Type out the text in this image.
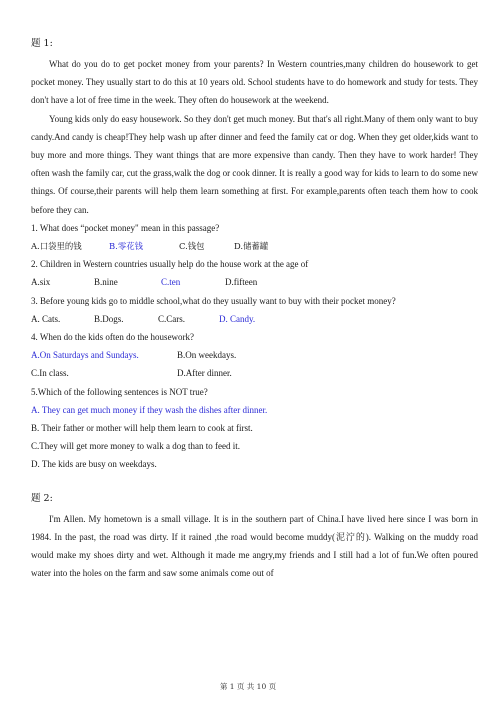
题 1:

What do you do to get pocket money from your parents? In Western countries,many children do housework to get pocket money. They usually start to do this at 10 years old. School students have to do homework and study for tests. They don't have a lot of free time in the week. They often do housework at the weekend.

Young kids only do easy housework. So they don't get much money. But that's all right.Many of them only want to buy candy.And candy is cheap!They help wash up after dinner and feed the family cat or dog. When they get older,kids want to buy more and more things. They want things that are more expensive than candy. Then they have to work harder! They often wash the family car, cut the grass,walk the dog or cook dinner. It is really a good way for kids to learn to do some new things. Of course,their parents will help them learn something at first. For example,parents often teach them how to cook before they can.

1. What does “pocket money" mean in this passage?

A.口袋里的钱	B.零花钱	C.钱包	D.储蓄罐

2. Children in Western countries usually help do the house work at the age of

A.six	B.nine	C.ten	D.fifteen

3. Before young kids go to middle school,what do they usually want to buy with their pocket money?

A. Cats.	B.Dogs.	C.Cars.	D. Candy.

4. When do the kids often do the housework?

A.On Saturdays and Sundays.	B.On weekdays.
C.In class.	D.After dinner.

5.Which of the following sentences is NOT true?

A. They can get much money if they wash the dishes after dinner.

B. Their father or mother will help them learn to cook at first.

C.They will get more money to walk a dog than to feed it.

D. The kids are busy on weekdays.

题 2:

I'm Allen. My hometown is a small village. It is in the southern part of China.I have lived here since I was born in 1984. In the past, the road was dirty. If it rained ,the road would become muddy(泥泞的). Walking on the muddy road would make my shoes dirty and wet. Although it made me angry,my friends and I still had a lot of fun.We often poured water into the holes on the farm and saw some animals come out of

第 1 页 共 10 页
